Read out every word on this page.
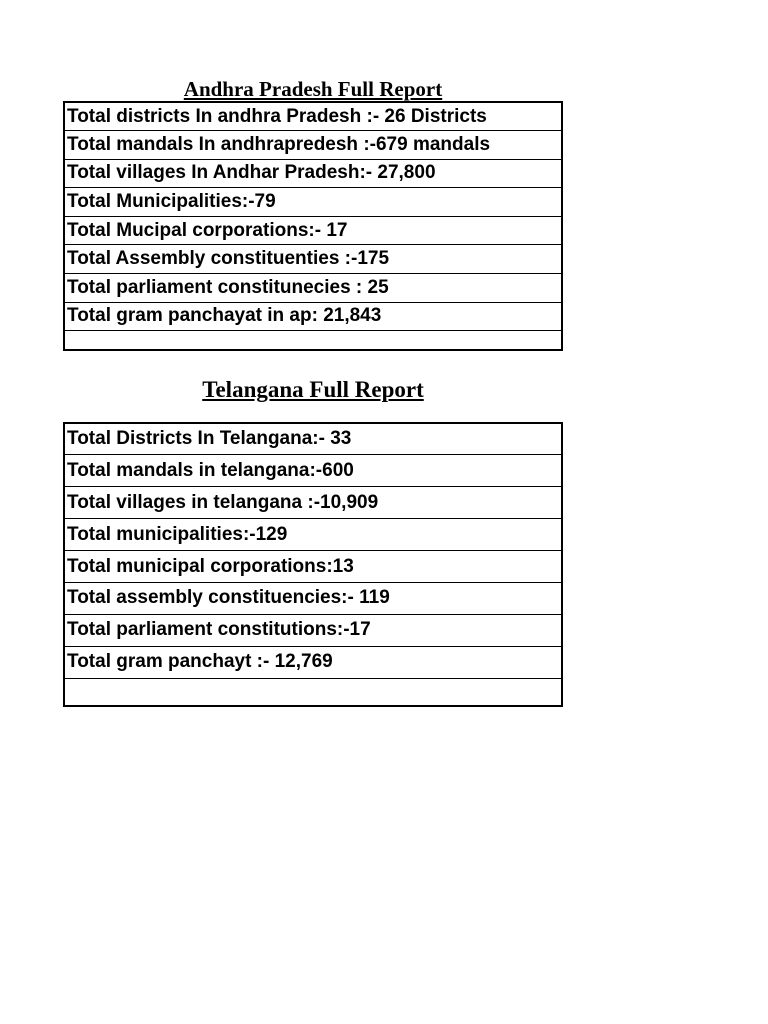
Andhra Pradesh Full Report
Total districts In andhra Pradesh :- 26 Districts
Total mandals In andhrapredesh :-679 mandals
Total villages In Andhar Pradesh:- 27,800
Total Municipalities:-79
Total Mucipal corporations:- 17
Total Assembly constituenties :-175
Total parliament constitunecies : 25
Total gram panchayat in ap: 21,843

Telangana Full Report
Total Districts In Telangana:- 33
Total mandals in telangana:-600
Total villages in telangana :-10,909
Total municipalities:-129
Total municipal corporations:13
Total assembly constituencies:- 119
Total parliament constitutions:-17
Total gram panchayt :- 12,769
